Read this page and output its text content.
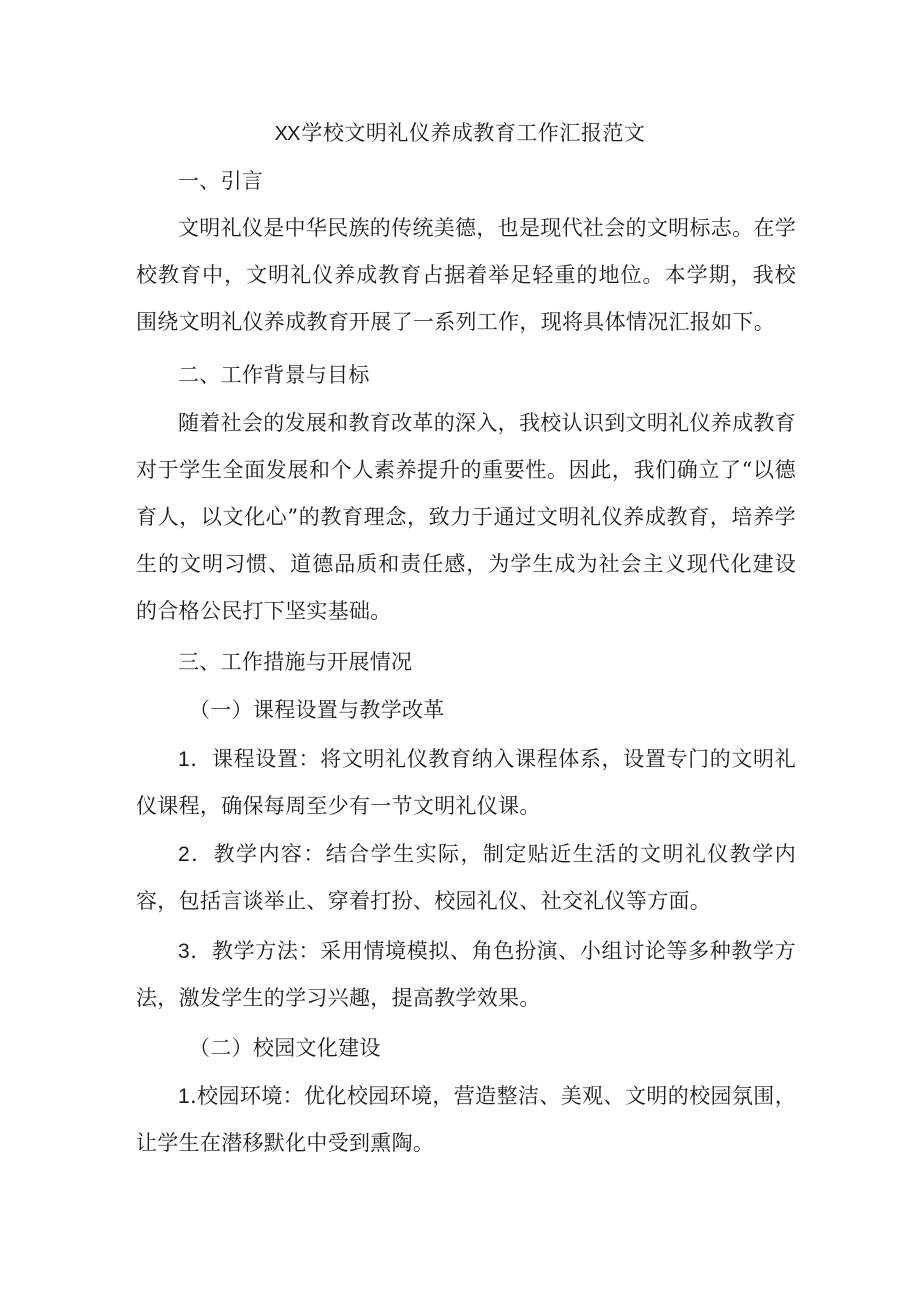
XX学校文明礼仪养成教育工作汇报范文

一、引言

文明礼仪是中华民族的传统美德，也是现代社会的文明标志。在学校教育中，文明礼仪养成教育占据着举足轻重的地位。本学期，我校围绕文明礼仪养成教育开展了一系列工作，现将具体情况汇报如下。

二、工作背景与目标

随着社会的发展和教育改革的深入，我校认识到文明礼仪养成教育对于学生全面发展和个人素养提升的重要性。因此，我们确立了“以德育人，以文化心”的教育理念，致力于通过文明礼仪养成教育，培养学生的文明习惯、道德品质和责任感，为学生成为社会主义现代化建设的合格公民打下坚实基础。

三、工作措施与开展情况

（一）课程设置与教学改革

1．课程设置：将文明礼仪教育纳入课程体系，设置专门的文明礼仪课程，确保每周至少有一节文明礼仪课。

2．教学内容：结合学生实际，制定贴近生活的文明礼仪教学内容，包括言谈举止、穿着打扮、校园礼仪、社交礼仪等方面。

3．教学方法：采用情境模拟、角色扮演、小组讨论等多种教学方法，激发学生的学习兴趣，提高教学效果。

（二）校园文化建设

1.校园环境：优化校园环境，营造整洁、美观、文明的校园氛围，让学生在潜移默化中受到熏陶。
